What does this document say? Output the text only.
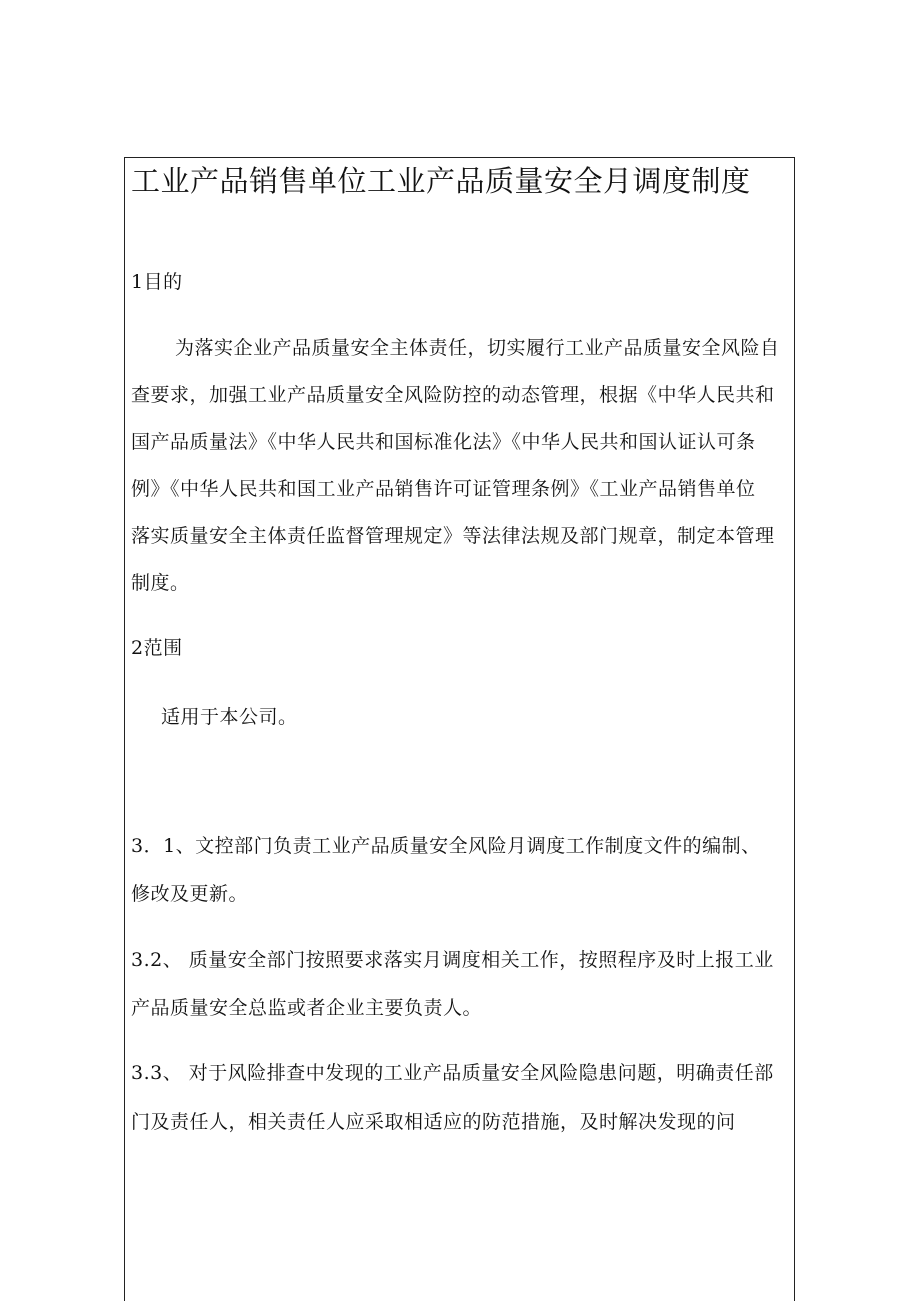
工业产品销售单位工业产品质量安全月调度制度
1目的
为落实企业产品质量安全主体责任，切实履行工业产品质量安全风险自
查要求，加强工业产品质量安全风险防控的动态管理，根据《中华人民共和
国产品质量法》《中华人民共和国标准化法》《中华人民共和国认证认可条
例》《中华人民共和国工业产品销售许可证管理条例》《工业产品销售单位
落实质量安全主体责任监督管理规定》等法律法规及部门规章，制定本管理
制度。
2范围
适用于本公司。
3．1、文控部门负责工业产品质量安全风险月调度工作制度文件的编制、
修改及更新。
3.2、 质量安全部门按照要求落实月调度相关工作，按照程序及时上报工业
产品质量安全总监或者企业主要负责人。
3.3、 对于风险排查中发现的工业产品质量安全风险隐患问题，明确责任部
门及责任人，相关责任人应采取相适应的防范措施，及时解决发现的问
